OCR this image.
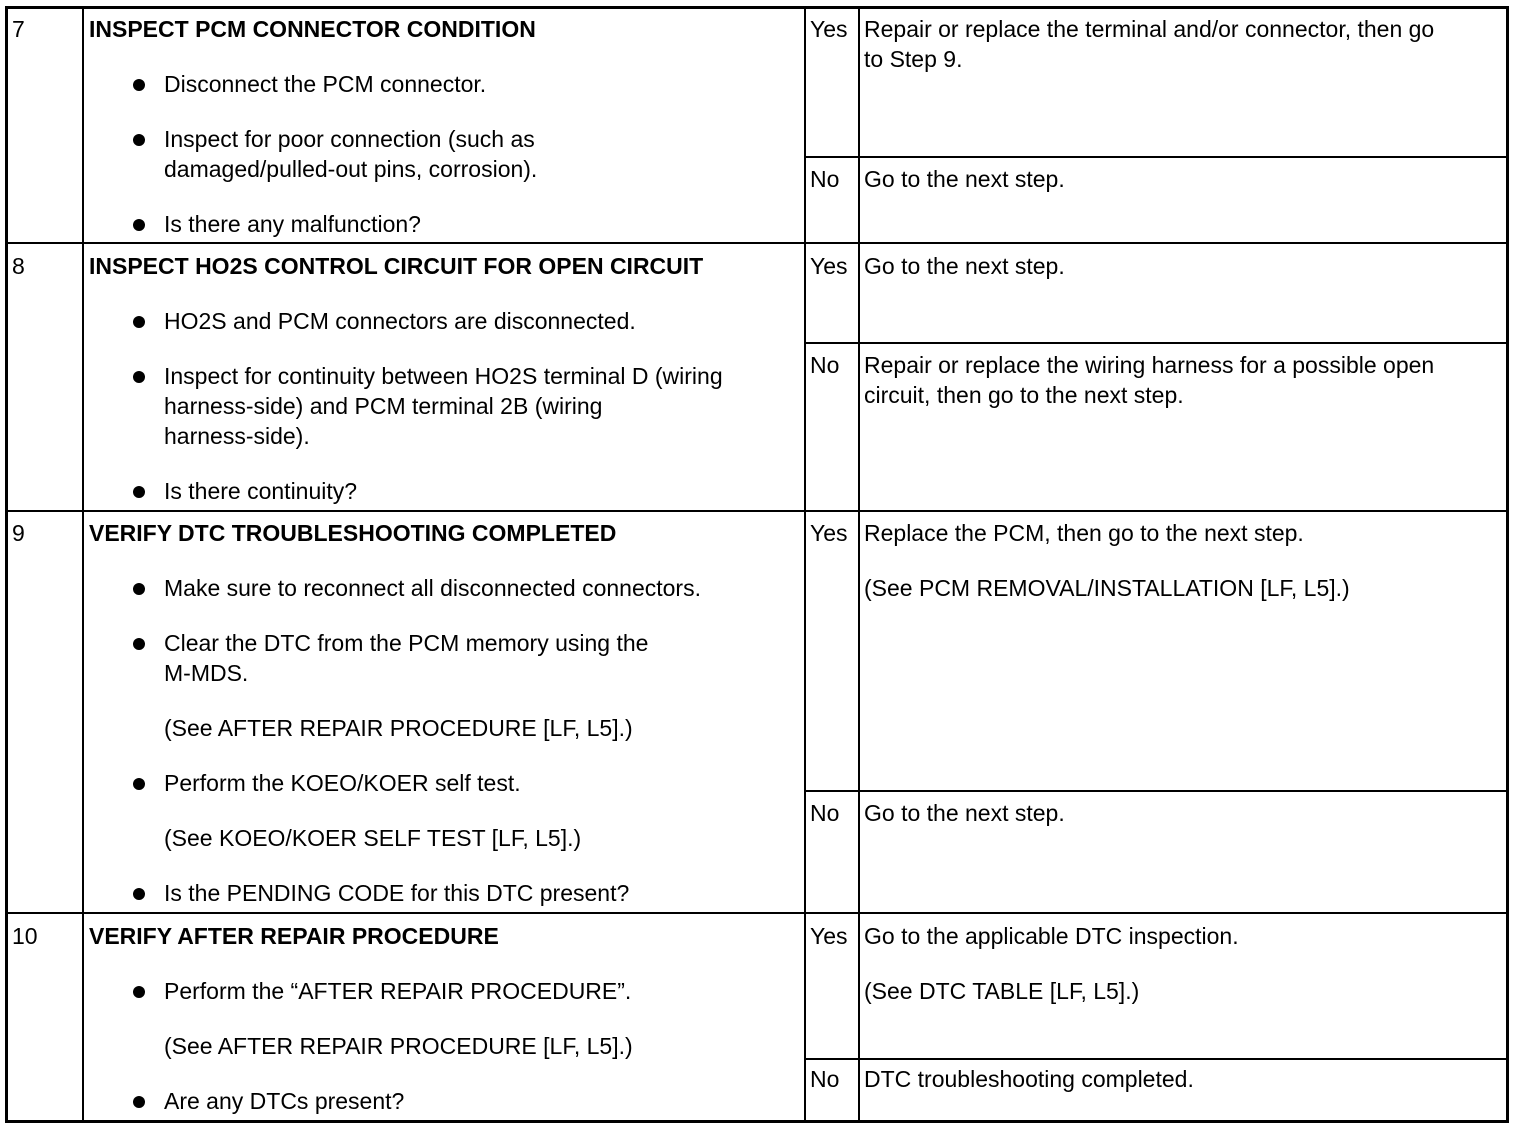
7	INSPECT PCM CONNECTOR CONDITION
Disconnect the PCM connector.
Inspect for poor connection (such as
damaged/pulled-out pins, corrosion).
Is there any malfunction?
Yes Repair or replace the terminal and/or connector, then go
to Step 9.
No Go to the next step.
8	INSPECT HO2S CONTROL CIRCUIT FOR OPEN CIRCUIT
HO2S and PCM connectors are disconnected.
Inspect for continuity between HO2S terminal D (wiring
harness-side) and PCM terminal 2B (wiring
harness-side).
Is there continuity?
Yes Go to the next step.
No Repair or replace the wiring harness for a possible open
circuit, then go to the next step.
9	VERIFY DTC TROUBLESHOOTING COMPLETED
Make sure to reconnect all disconnected connectors.
Clear the DTC from the PCM memory using the
M-MDS.
(See AFTER REPAIR PROCEDURE [LF, L5].)
Perform the KOEO/KOER self test.
(See KOEO/KOER SELF TEST [LF, L5].)
Is the PENDING CODE for this DTC present?
Yes Replace the PCM, then go to the next step.
(See PCM REMOVAL/INSTALLATION [LF, L5].)
No Go to the next step.
10 VERIFY AFTER REPAIR PROCEDURE
Perform the “AFTER REPAIR PROCEDURE”.
(See AFTER REPAIR PROCEDURE [LF, L5].)
Are any DTCs present?
Yes Go to the applicable DTC inspection.
(See DTC TABLE [LF, L5].)
No DTC troubleshooting completed.
